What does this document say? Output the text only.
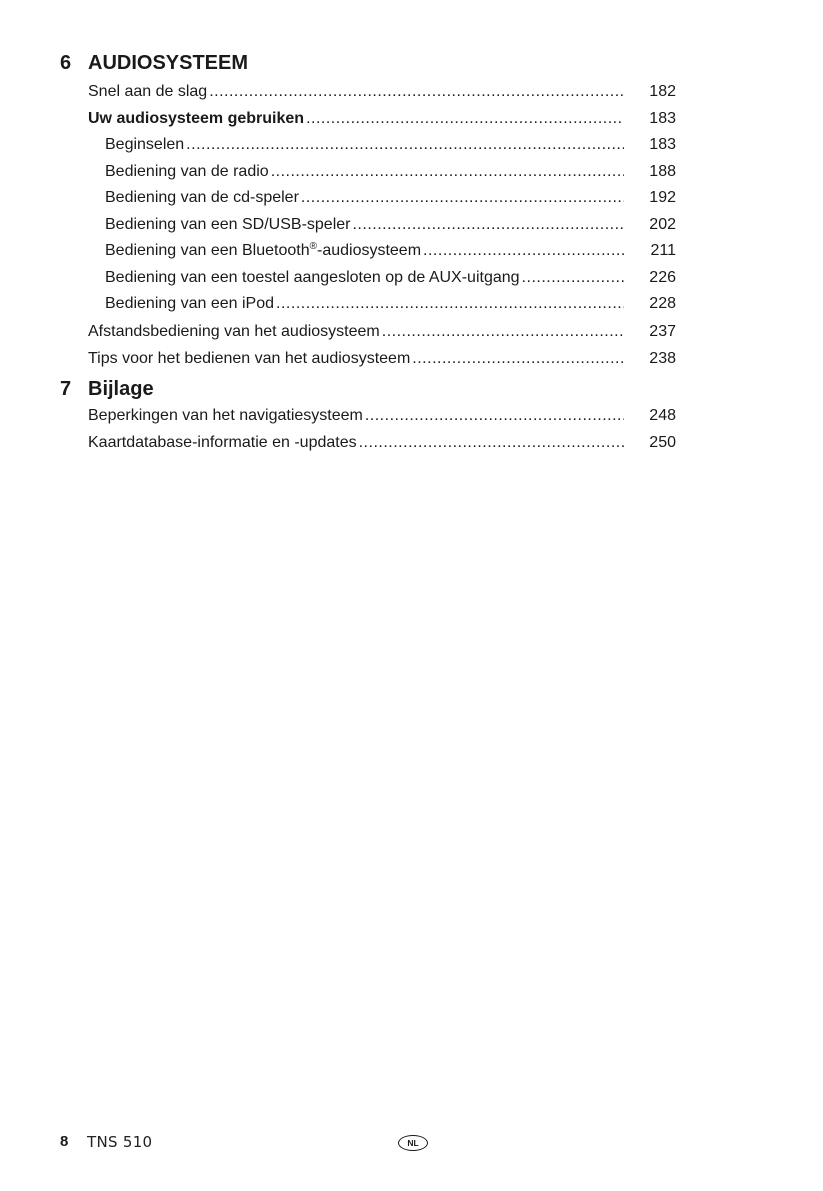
6 AUDIOSYSTEEM
Snel aan de slag .....	182
Uw audiosysteem gebruiken .....	183
Beginselen .....	183
Bediening van de radio .....	188
Bediening van de cd-speler .....	192
Bediening van een SD/USB-speler .....	202
Bediening van een Bluetooth®-audiosysteem .....	211
Bediening van een toestel aangesloten op de AUX-uitgang .....	226
Bediening van een iPod .....	228
Afstandsbediening van het audiosysteem .....	237
Tips voor het bedienen van het audiosysteem .....	238
7 Bijlage
Beperkingen van het navigatiesysteem .....	248
Kaartdatabase-informatie en -updates .....	250
8 TNS 510	NL
